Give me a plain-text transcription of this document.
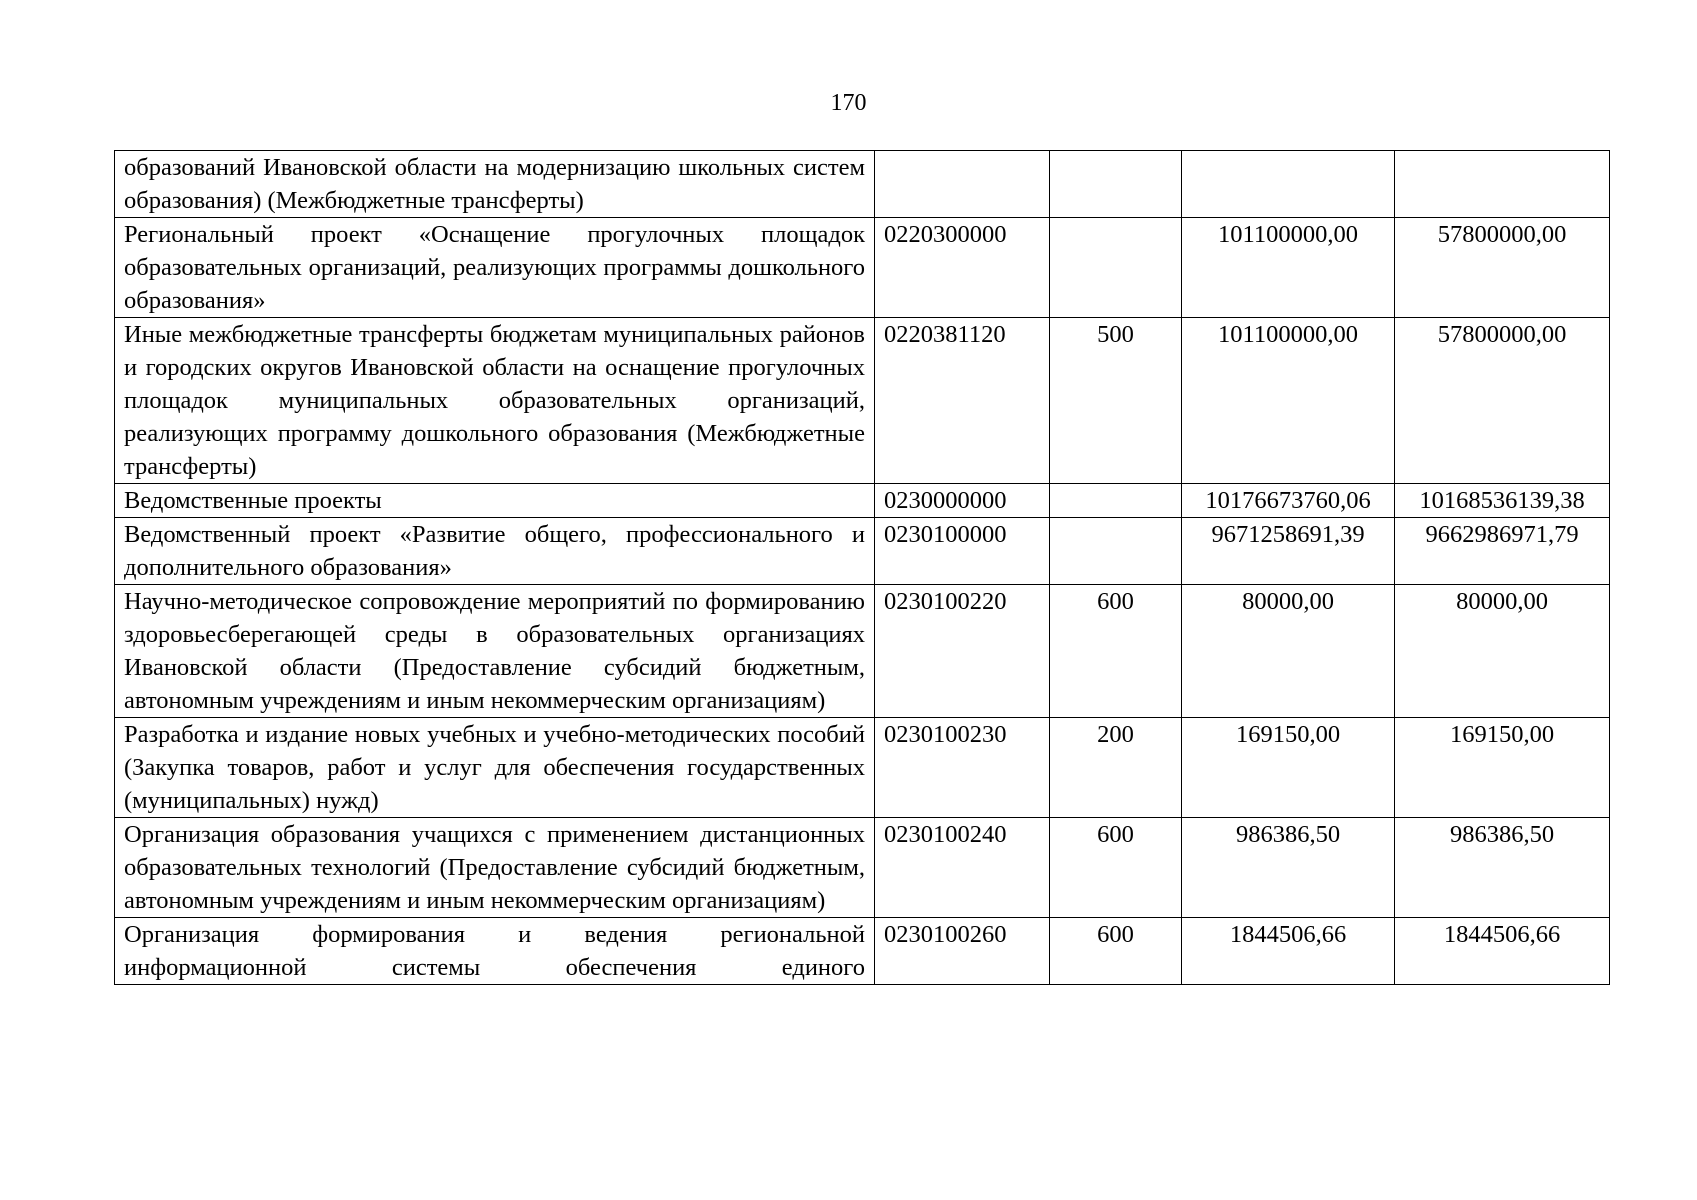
170
образований Ивановской области на модернизацию школьных систем образования) (Межбюджетные трансферты)				
Региональный проект «Оснащение прогулочных площадок образовательных организаций, реализующих программы дошкольного образования»	0220300000		101100000,00	57800000,00
Иные межбюджетные трансферты бюджетам муниципальных районов и городских округов Ивановской области на оснащение прогулочных площадок муниципальных образовательных организаций, реализующих программу дошкольного образования (Межбюджетные трансферты)	0220381120	500	101100000,00	57800000,00
Ведомственные проекты	0230000000		10176673760,06	10168536139,38
Ведомственный проект «Развитие общего, профессионального и дополнительного образования»	0230100000		9671258691,39	9662986971,79
Научно-методическое сопровождение мероприятий по формированию здоровьесберегающей среды в образовательных организациях Ивановской области (Предоставление субсидий бюджетным, автономным учреждениям и иным некоммерческим организациям)	0230100220	600	80000,00	80000,00
Разработка и издание новых учебных и учебно-методических пособий (Закупка товаров, работ и услуг для обеспечения государственных (муниципальных) нужд)	0230100230	200	169150,00	169150,00
Организация образования учащихся с применением дистанционных образовательных технологий (Предоставление субсидий бюджетным, автономным учреждениям и иным некоммерческим организациям)	0230100240	600	986386,50	986386,50
Организация формирования и ведения региональной информационной системы обеспечения единого	0230100260	600	1844506,66	1844506,66
